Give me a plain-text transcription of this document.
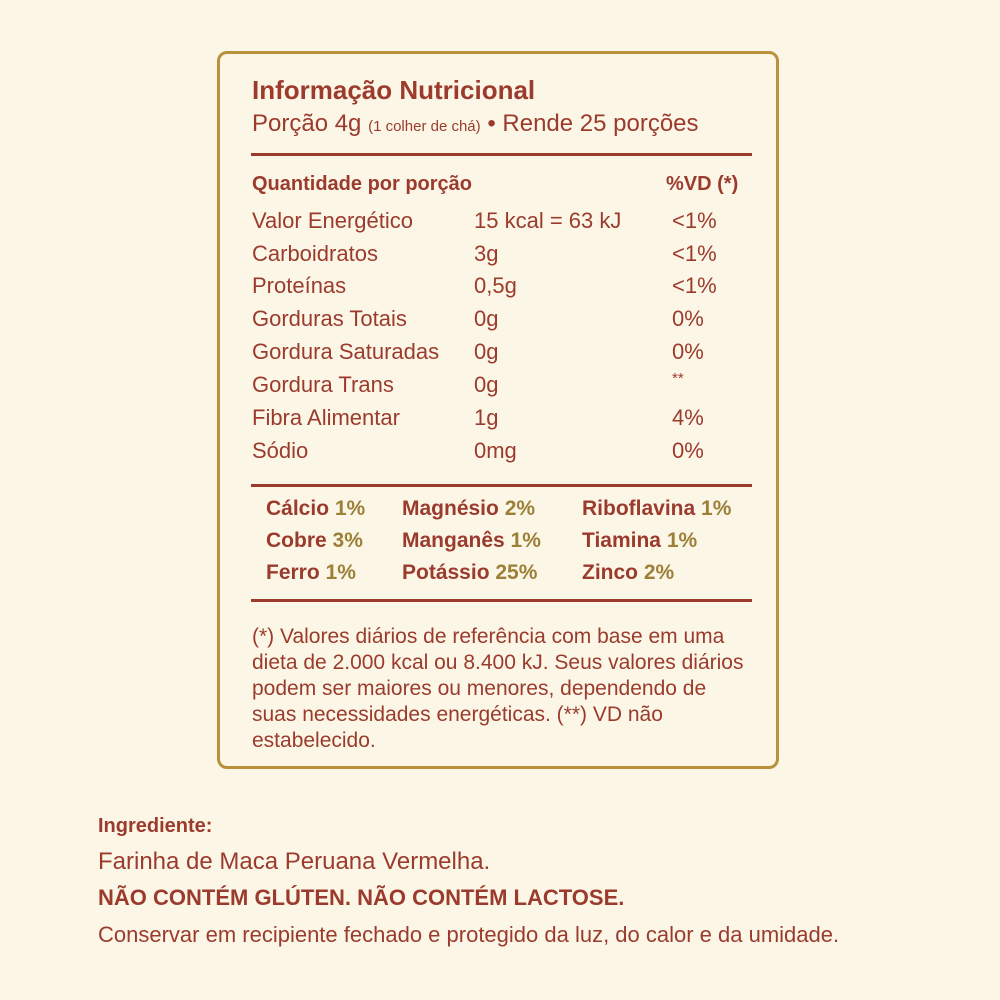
Informação Nutricional
Porção 4g (1 colher de chá) • Rende 25 porções
Quantidade por porção	%VD (*)
Valor Energético	15 kcal = 63 kJ <1%
Carboidratos	3g	<1%
Proteínas	0,5g	<1%
Gorduras Totais	0g	0%
Gordura Saturadas 0g	0%
Gordura Trans	0g	**
Fibra Alimentar	1g	4%
Sódio	0mg	0%
Cálcio 1% Magnésio 2% Riboflavina 1%
Cobre 3% Manganês 1% Tiamina 1%
Ferro 1% Potássio 25% Zinco 2%
(*) Valores diários de referência com base em uma dieta de 2.000 kcal ou 8.400 kJ. Seus valores diários podem ser maiores ou menores, dependendo de suas necessidades energéticas. (**) VD não estabelecido.
Ingrediente:
Farinha de Maca Peruana Vermelha.
NÃO CONTÉM GLÚTEN. NÃO CONTÉM LACTOSE.
Conservar em recipiente fechado e protegido da luz, do calor e da umidade.
